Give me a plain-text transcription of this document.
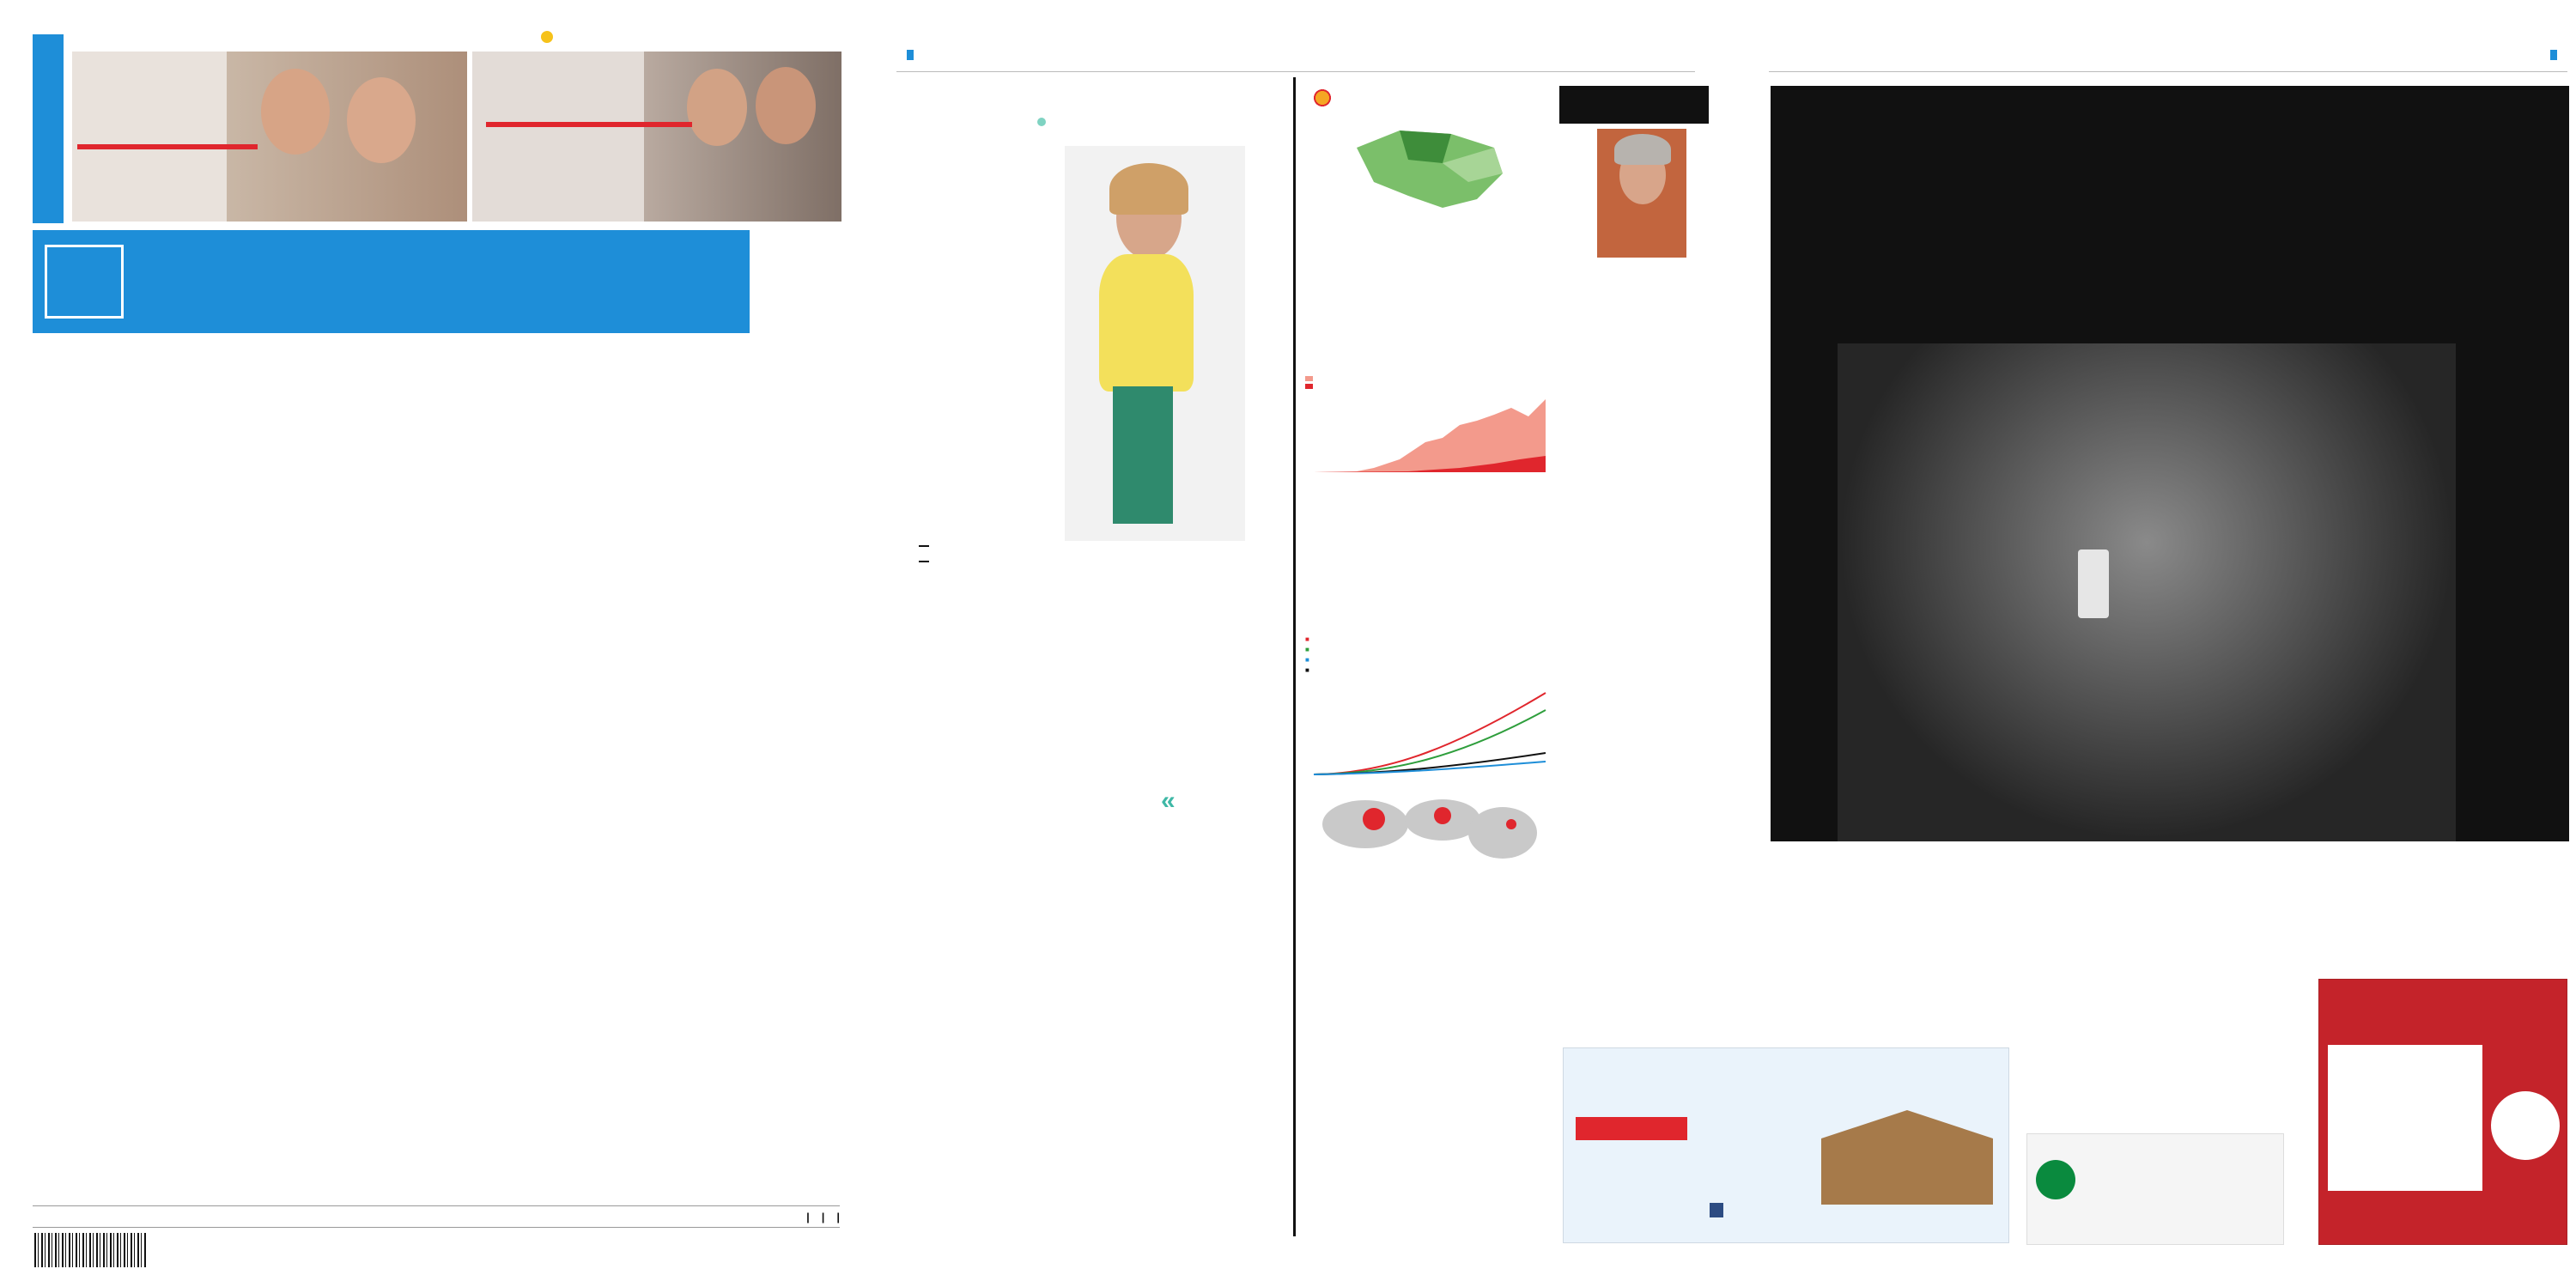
| | |

«
■
■
■
■
